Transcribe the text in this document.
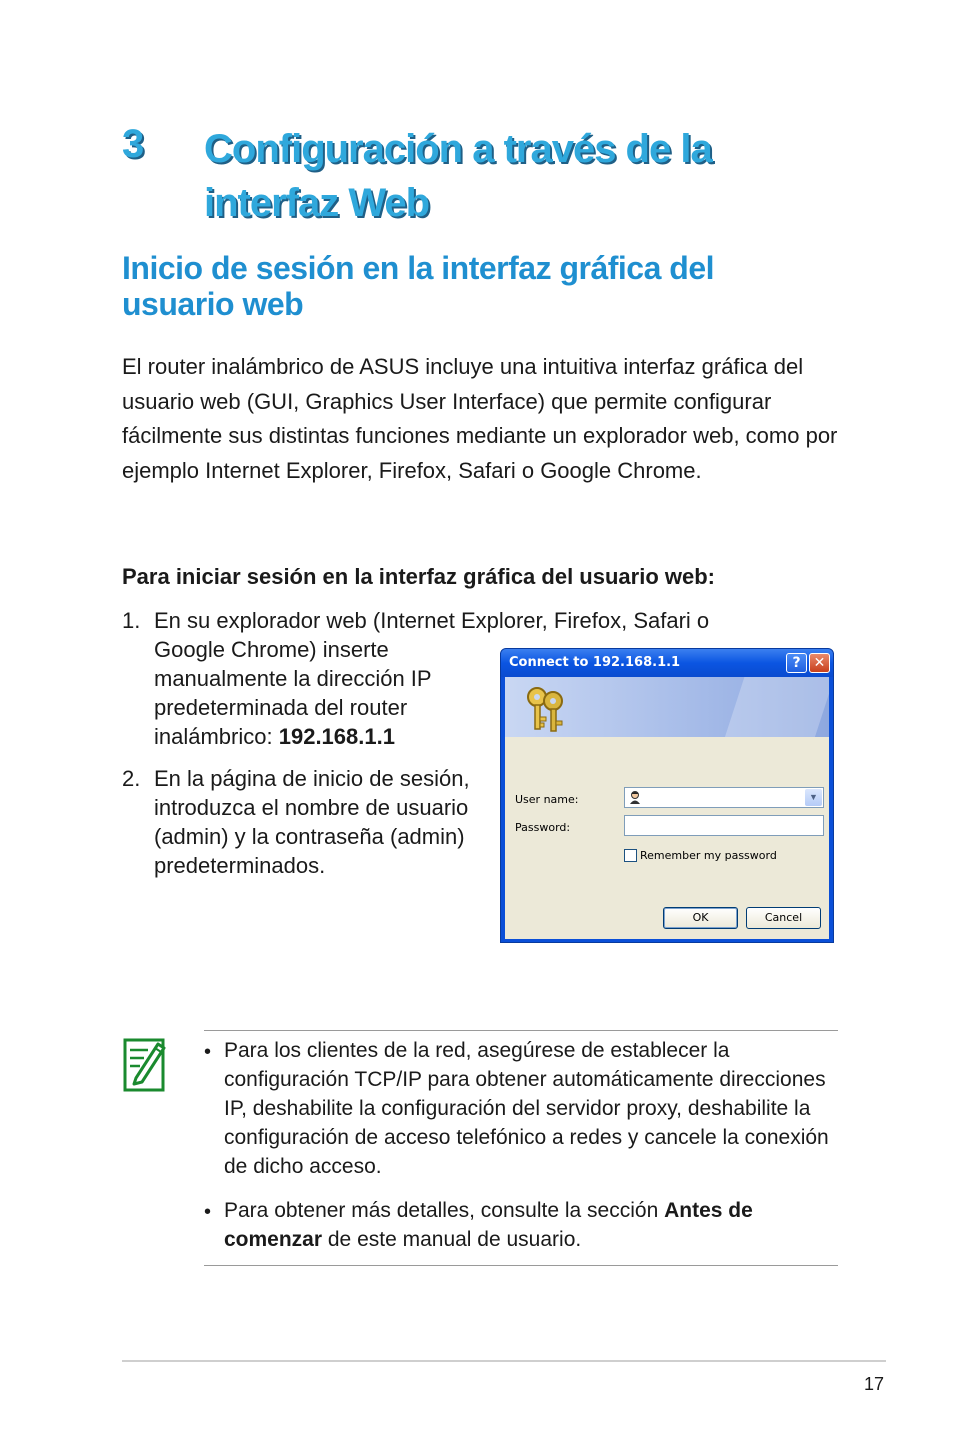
3 Configuración a través de la interfaz Web
Inicio de sesión en la interfaz gráfica del usuario web
El router inalámbrico de ASUS incluye una intuitiva interfaz gráfica del usuario web (GUI, Graphics User Interface) que permite configurar fácilmente sus distintas funciones mediante un explorador web, como por ejemplo Internet Explorer, Firefox, Safari o Google Chrome.
Para iniciar sesión en la interfaz gráfica del usuario web:
1. En su explorador web (Internet Explorer, Firefox, Safari o
Google Chrome) inserte manualmente la dirección IP predeterminada del router inalámbrico: 192.168.1.1
2. En la página de inicio de sesión, introduzca el nombre de usuario (admin) y la contraseña (admin) predeterminados.
Connect to 192.168.1.1	? ✕
User name:	▼
Password:
Remember my password
OK	Cancel
• Para los clientes de la red, asegúrese de establecer la configuración TCP/IP para obtener automáticamente direcciones IP, deshabilite la configuración del servidor proxy, deshabilite la configuración de acceso telefónico a redes y cancele la conexión de dicho acceso.
• Para obtener más detalles, consulte la sección Antes de comenzar de este manual de usuario.
17
